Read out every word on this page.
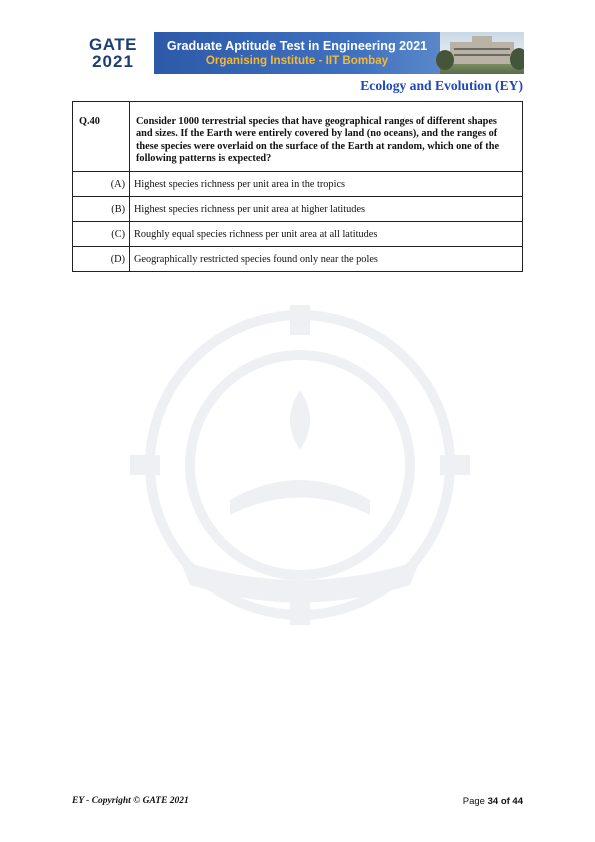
GATE
2021
Graduate Aptitude Test in Engineering 2021
Organising Institute - IIT Bombay
Ecology and Evolution (EY)
Q.40	Consider 1000 terrestrial species that have geographical ranges of different shapes and sizes. If the Earth were entirely covered by land (no oceans), and the ranges of these species were overlaid on the surface of the Earth at random, which one of the following patterns is expected?
(A)	Highest species richness per unit area in the tropics
(B)	Highest species richness per unit area at higher latitudes
(C)	Roughly equal species richness per unit area at all latitudes
(D)	Geographically restricted species found only near the poles
EY - Copyright © GATE 2021	Page 34 of 44
